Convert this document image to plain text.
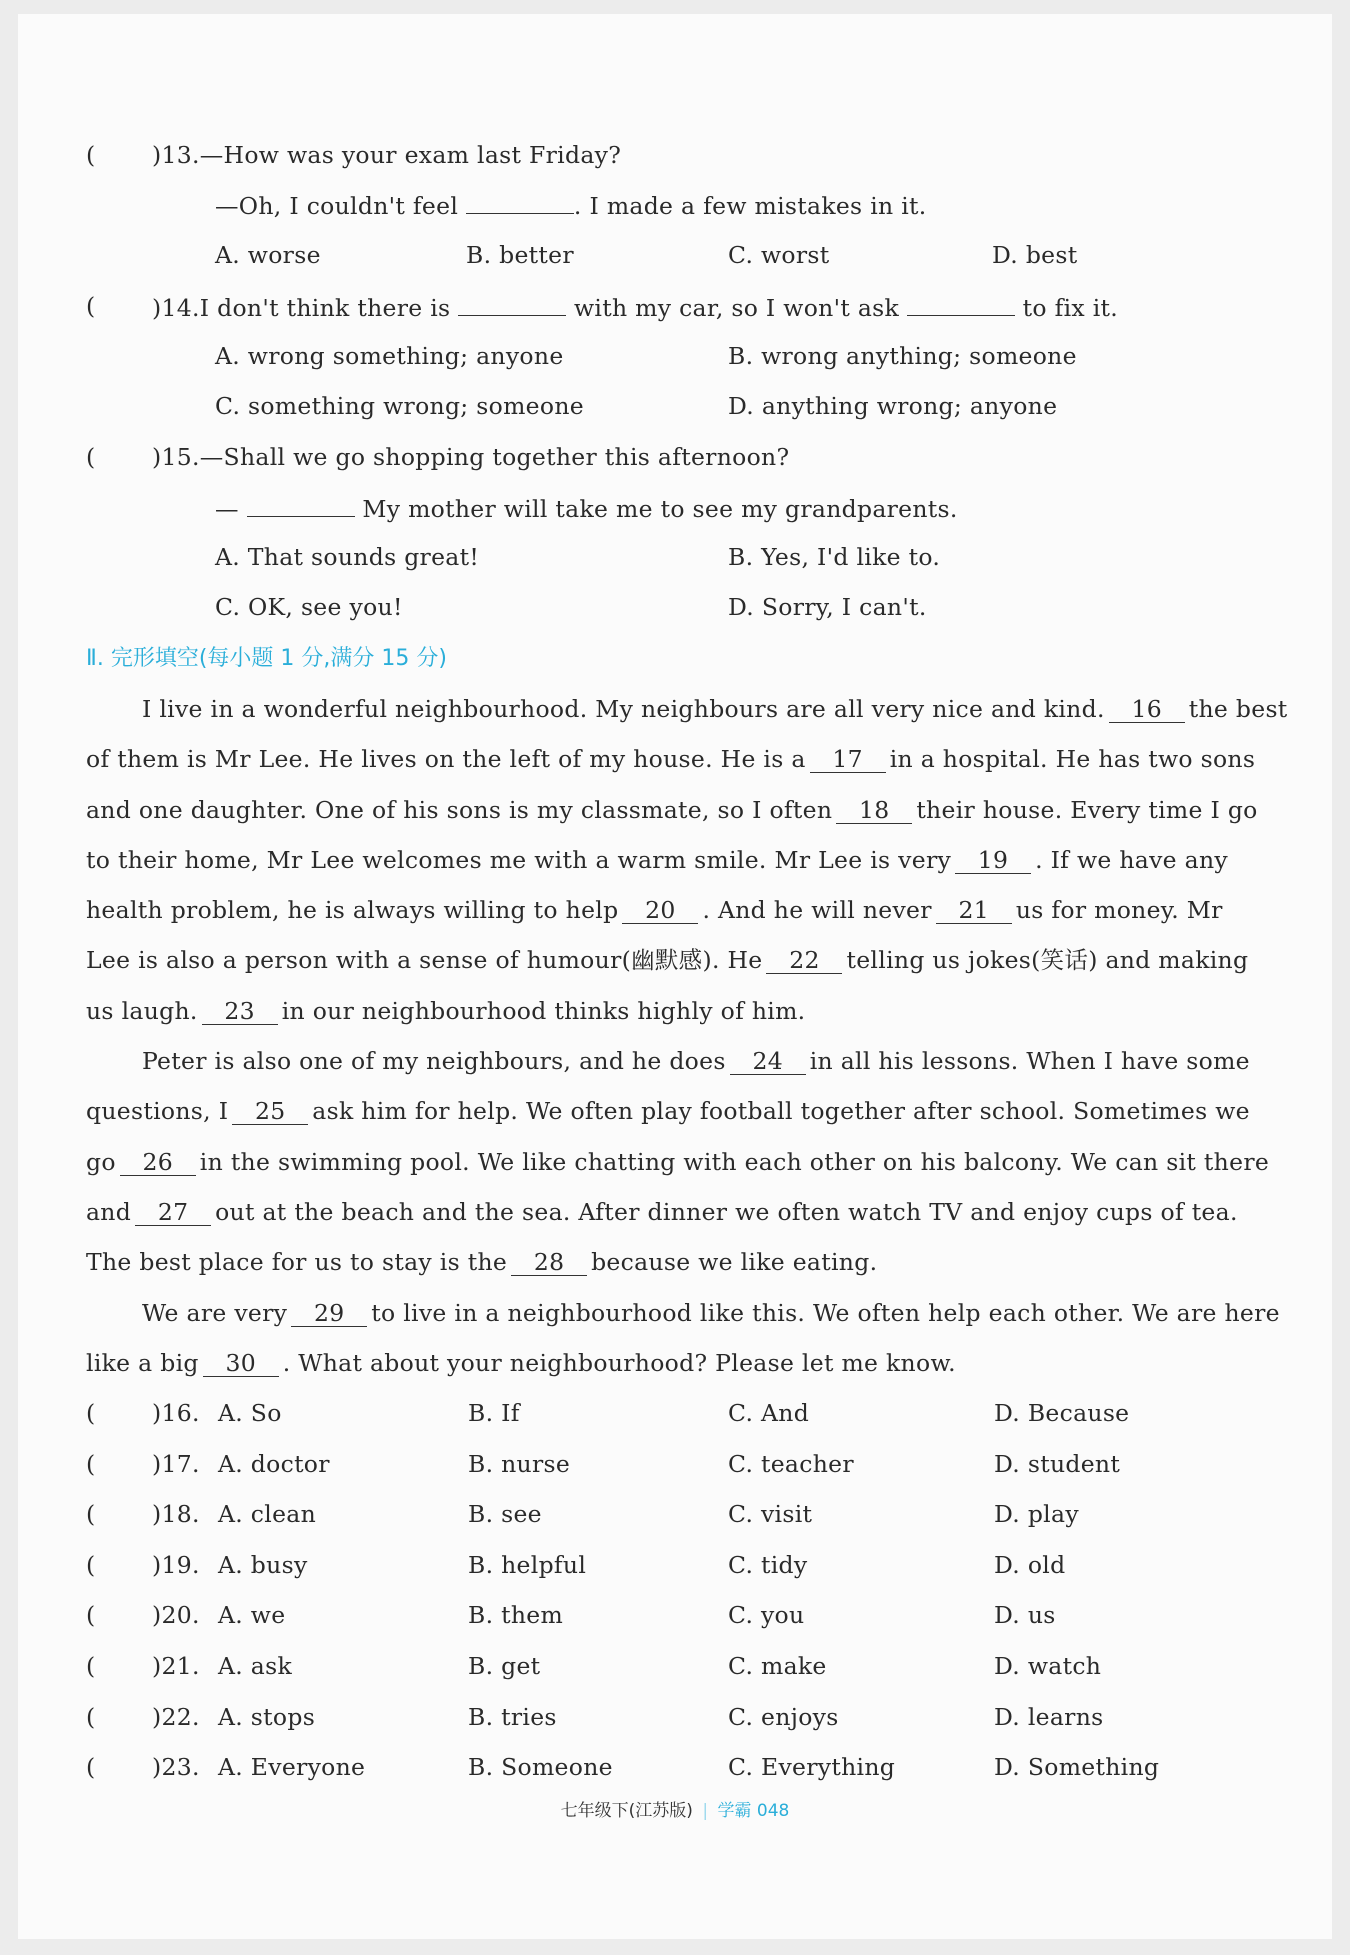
( )13.—How was your exam last Friday?
—Oh, I couldn't feel	. I made a few mistakes in it.
A. worse	B. better	C. worst	D. best
( )14.I don't think there is	with my car, so I won't ask	to fix it.
A. wrong something; anyone	B. wrong anything; someone
C. something wrong; someone	D. anything wrong; anyone
( )15.—Shall we go shopping together this afternoon?
—	My mother will take me to see my grandparents.
A. That sounds great!	B. Yes, I'd like to.
C. OK, see you!	D. Sorry, I can't.
Ⅱ. 完形填空(每小题 1 分,满分 15 分)
I live in a wonderful neighbourhood. My neighbours are all very nice and kind. 16 the best
of them is Mr Lee. He lives on the left of my house. He is a 17 in a hospital. He has two sons
and one daughter. One of his sons is my classmate, so I often 18 their house. Every time I go
to their home, Mr Lee welcomes me with a warm smile. Mr Lee is very 19 . If we have any
health problem, he is always willing to help 20 . And he will never 21 us for money. Mr
Lee is also a person with a sense of humour(幽默感). He 22 telling us jokes(笑话) and making
us laugh. 23 in our neighbourhood thinks highly of him.
Peter is also one of my neighbours, and he does 24 in all his lessons. When I have some
questions, I 25 ask him for help. We often play football together after school. Sometimes we
go 26 in the swimming pool. We like chatting with each other on his balcony. We can sit there
and 27 out at the beach and the sea. After dinner we often watch TV and enjoy cups of tea.
The best place for us to stay is the 28 because we like eating.
We are very 29 to live in a neighbourhood like this. We often help each other. We are here
like a big 30 . What about your neighbourhood? Please let me know.
( )16. A. So	B. If	C. And	D. Because
( )17. A. doctor	B. nurse	C. teacher	D. student
( )18. A. clean	B. see	C. visit	D. play
( )19. A. busy	B. helpful	C. tidy	D. old
( )20. A. we	B. them	C. you	D. us
( )21. A. ask	B. get	C. make	D. watch
( )22. A. stops	B. tries	C. enjoys	D. learns
( )23. A. Everyone	B. Someone	C. Everything	D. Something
七年级下(江苏版) | 学霸 048
